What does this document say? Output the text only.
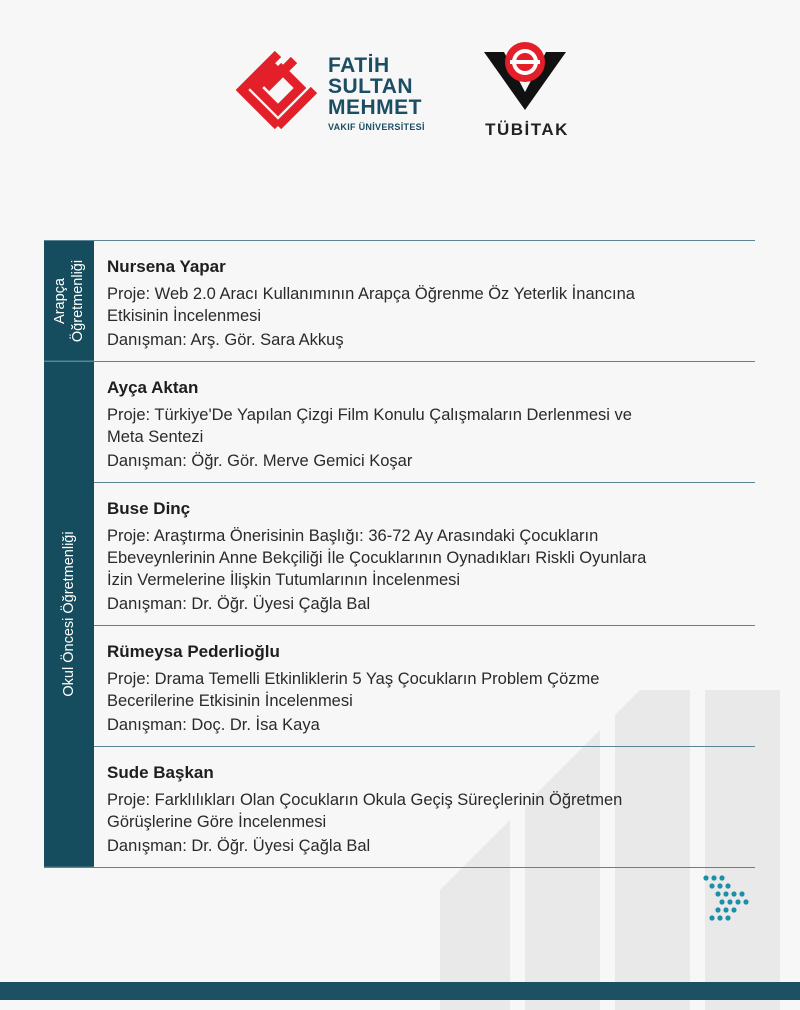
FATİH
SULTAN
MEHMET
VAKIF ÜNİVERSİTESİ	TÜBİTAK
Arapça Öğretmenliği Nursena Yapar
Proje: Web 2.0 Aracı Kullanımının Arapça Öğrenme Öz Yeterlik İnancına
Etkisinin İncelenmesi
Danışman: Arş. Gör. Sara Akkuş
Okul Öncesi Öğretmenliği
Ayça Aktan
Proje: Türkiye'De Yapılan Çizgi Film Konulu Çalışmaların Derlenmesi ve
Meta Sentezi
Danışman: Öğr. Gör. Merve Gemici Koşar
Buse Dinç
Proje: Araştırma Önerisinin Başlığı: 36-72 Ay Arasındaki Çocukların
Ebeveynlerinin Anne Bekçiliği İle Çocuklarının Oynadıkları Riskli Oyunlara
İzin Vermelerine İlişkin Tutumlarının İncelenmesi
Danışman: Dr. Öğr. Üyesi Çağla Bal
Rümeysa Pederlioğlu
Proje: Drama Temelli Etkinliklerin 5 Yaş Çocukların Problem Çözme
Becerilerine Etkisinin İncelenmesi
Danışman: Doç. Dr. İsa Kaya
Sude Başkan
Proje: Farklılıkları Olan Çocukların Okula Geçiş Süreçlerinin Öğretmen
Görüşlerine Göre İncelenmesi
Danışman: Dr. Öğr. Üyesi Çağla Bal
